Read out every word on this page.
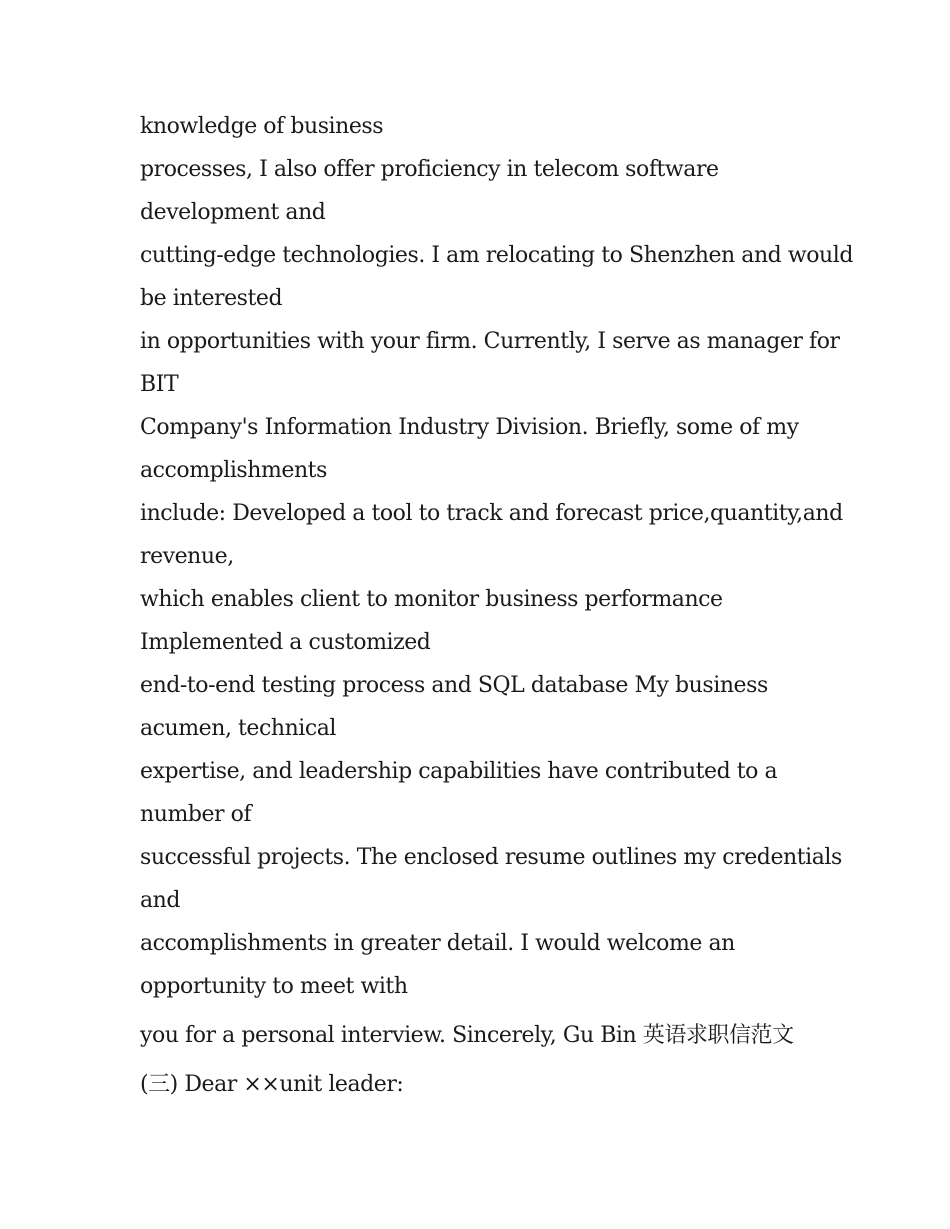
knowledge of business
processes, I also offer proficiency in telecom software
development and
cutting-edge technologies. I am relocating to Shenzhen and would
be interested
in opportunities with your firm. Currently, I serve as manager for
BIT
Company's Information Industry Division. Briefly, some of my
accomplishments
include: Developed a tool to track and forecast price,quantity,and
revenue,
which enables client to monitor business performance
Implemented a customized
end-to-end testing process and SQL database My business
acumen, technical
expertise, and leadership capabilities have contributed to a
number of
successful projects. The enclosed resume outlines my credentials
and
accomplishments in greater detail. I would welcome an
opportunity to meet with
you for a personal interview. Sincerely, Gu Bin 英语求职信范文
(三) Dear ××unit leader:
